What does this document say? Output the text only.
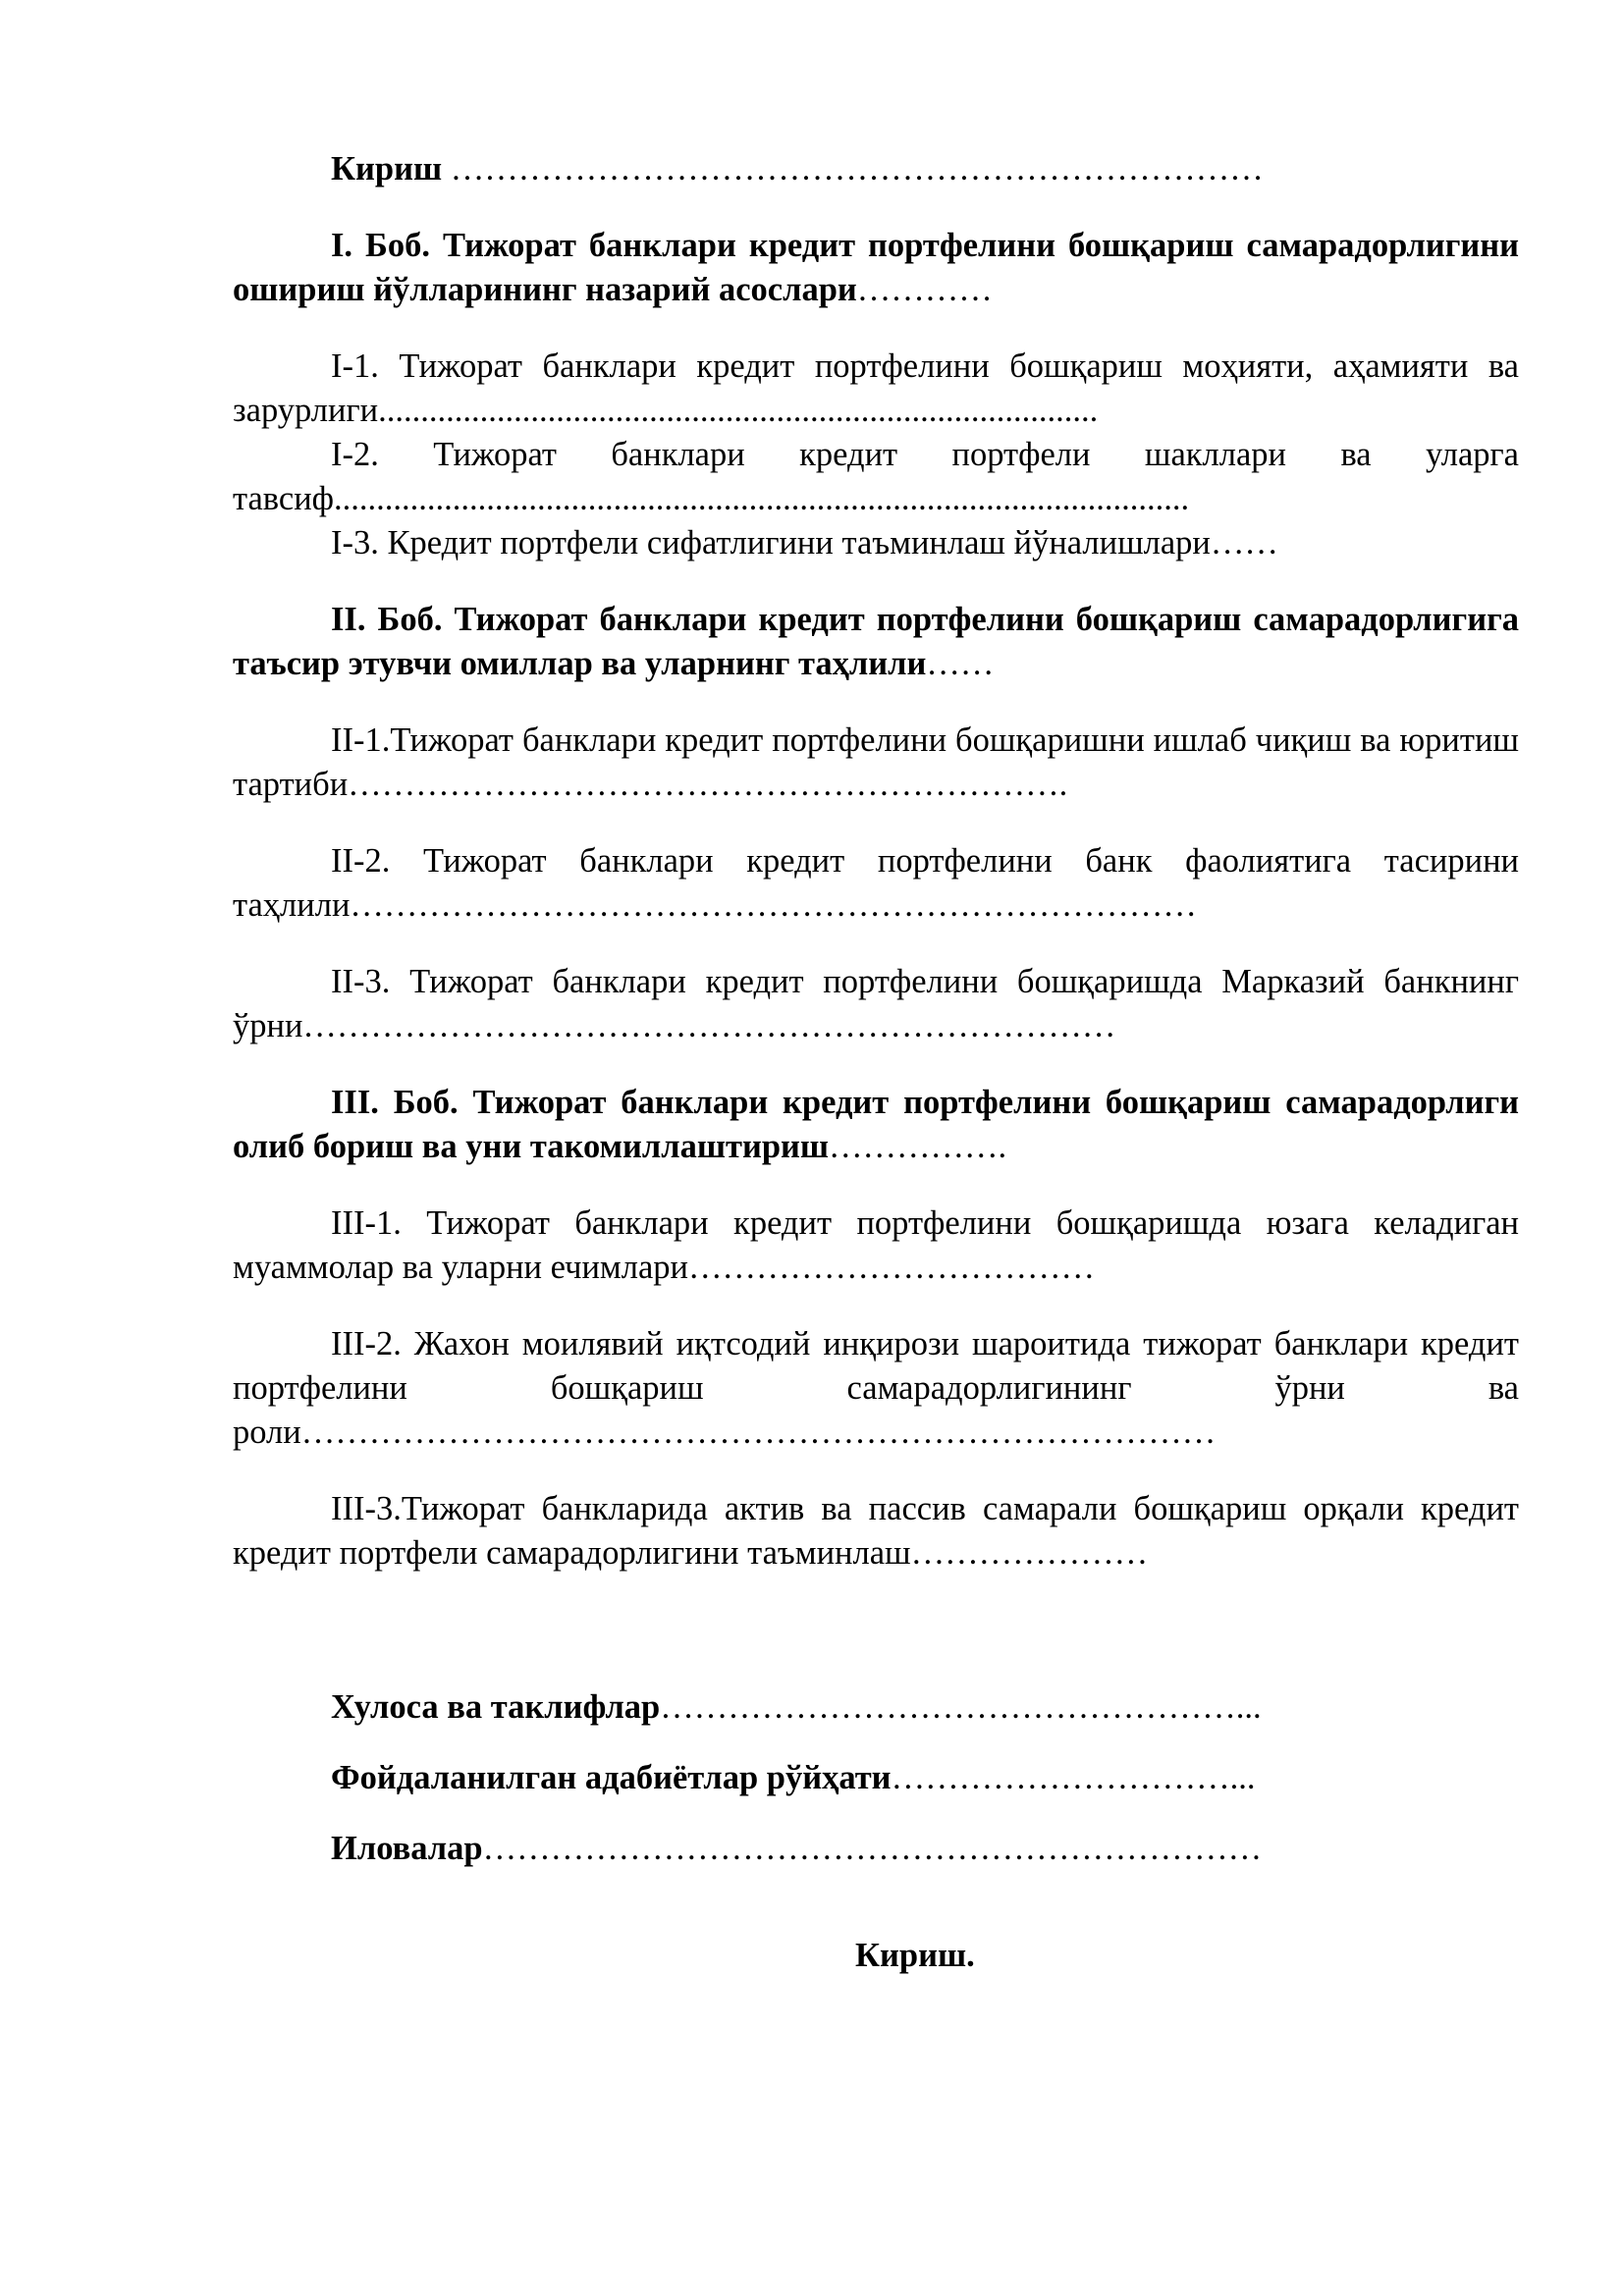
Кириш ………………………………………………………………

I. Боб. Тижорат банклари кредит портфелини бошқариш самарадорлигини ошириш йўлларининг назарий асослари…………

I-1. Тижорат банклари кредит портфелини бошқариш моҳияти, аҳамияти ва зарурлиги.....................................................................................

I-2. Тижорат банклари кредит портфели шакллари ва уларга тавсиф.....................................................................................................

I-3. Кредит портфели сифатлигини таъминлаш йўналишлари……

II. Боб. Тижорат банклари кредит портфелини бошқариш самарадорлигига таъсир этувчи омиллар ва уларнинг таҳлили……

II-1.Тижорат банклари кредит портфелини бошқаришни ишлаб чиқиш ва юритиш тартиби……………………………………………………….

II-2. Тижорат банклари кредит портфелини банк фаолиятига тасирини таҳлили…………………………………………………………………

II-3. Тижорат банклари кредит портфелини бошқаришда Марказий банкнинг ўрни………………………………………………………………

III. Боб. Тижорат банклари кредит портфелини бошқариш самарадорлиги олиб бориш ва уни такомиллаштириш…………….

III-1. Тижорат банклари кредит портфелини бошқаришда юзага келадиган муаммолар ва уларни ечимлари………………………………

III-2. Жахон моилявий иқтсодий инқирози шароитида тижорат банклари кредит портфелини бошқариш самарадорлигининг ўрни ва роли………………………………………………………………………

III-3.Тижорат банкларида актив ва пассив самарали бошқариш орқали кредит кредит портфели самарадорлигини таъминлаш…………………

Хулоса ва таклифлар……………………………………………...

Фойдаланилган адабиётлар рўйҳати…………………………...

Иловалар……………………………………………………………

Кириш.
